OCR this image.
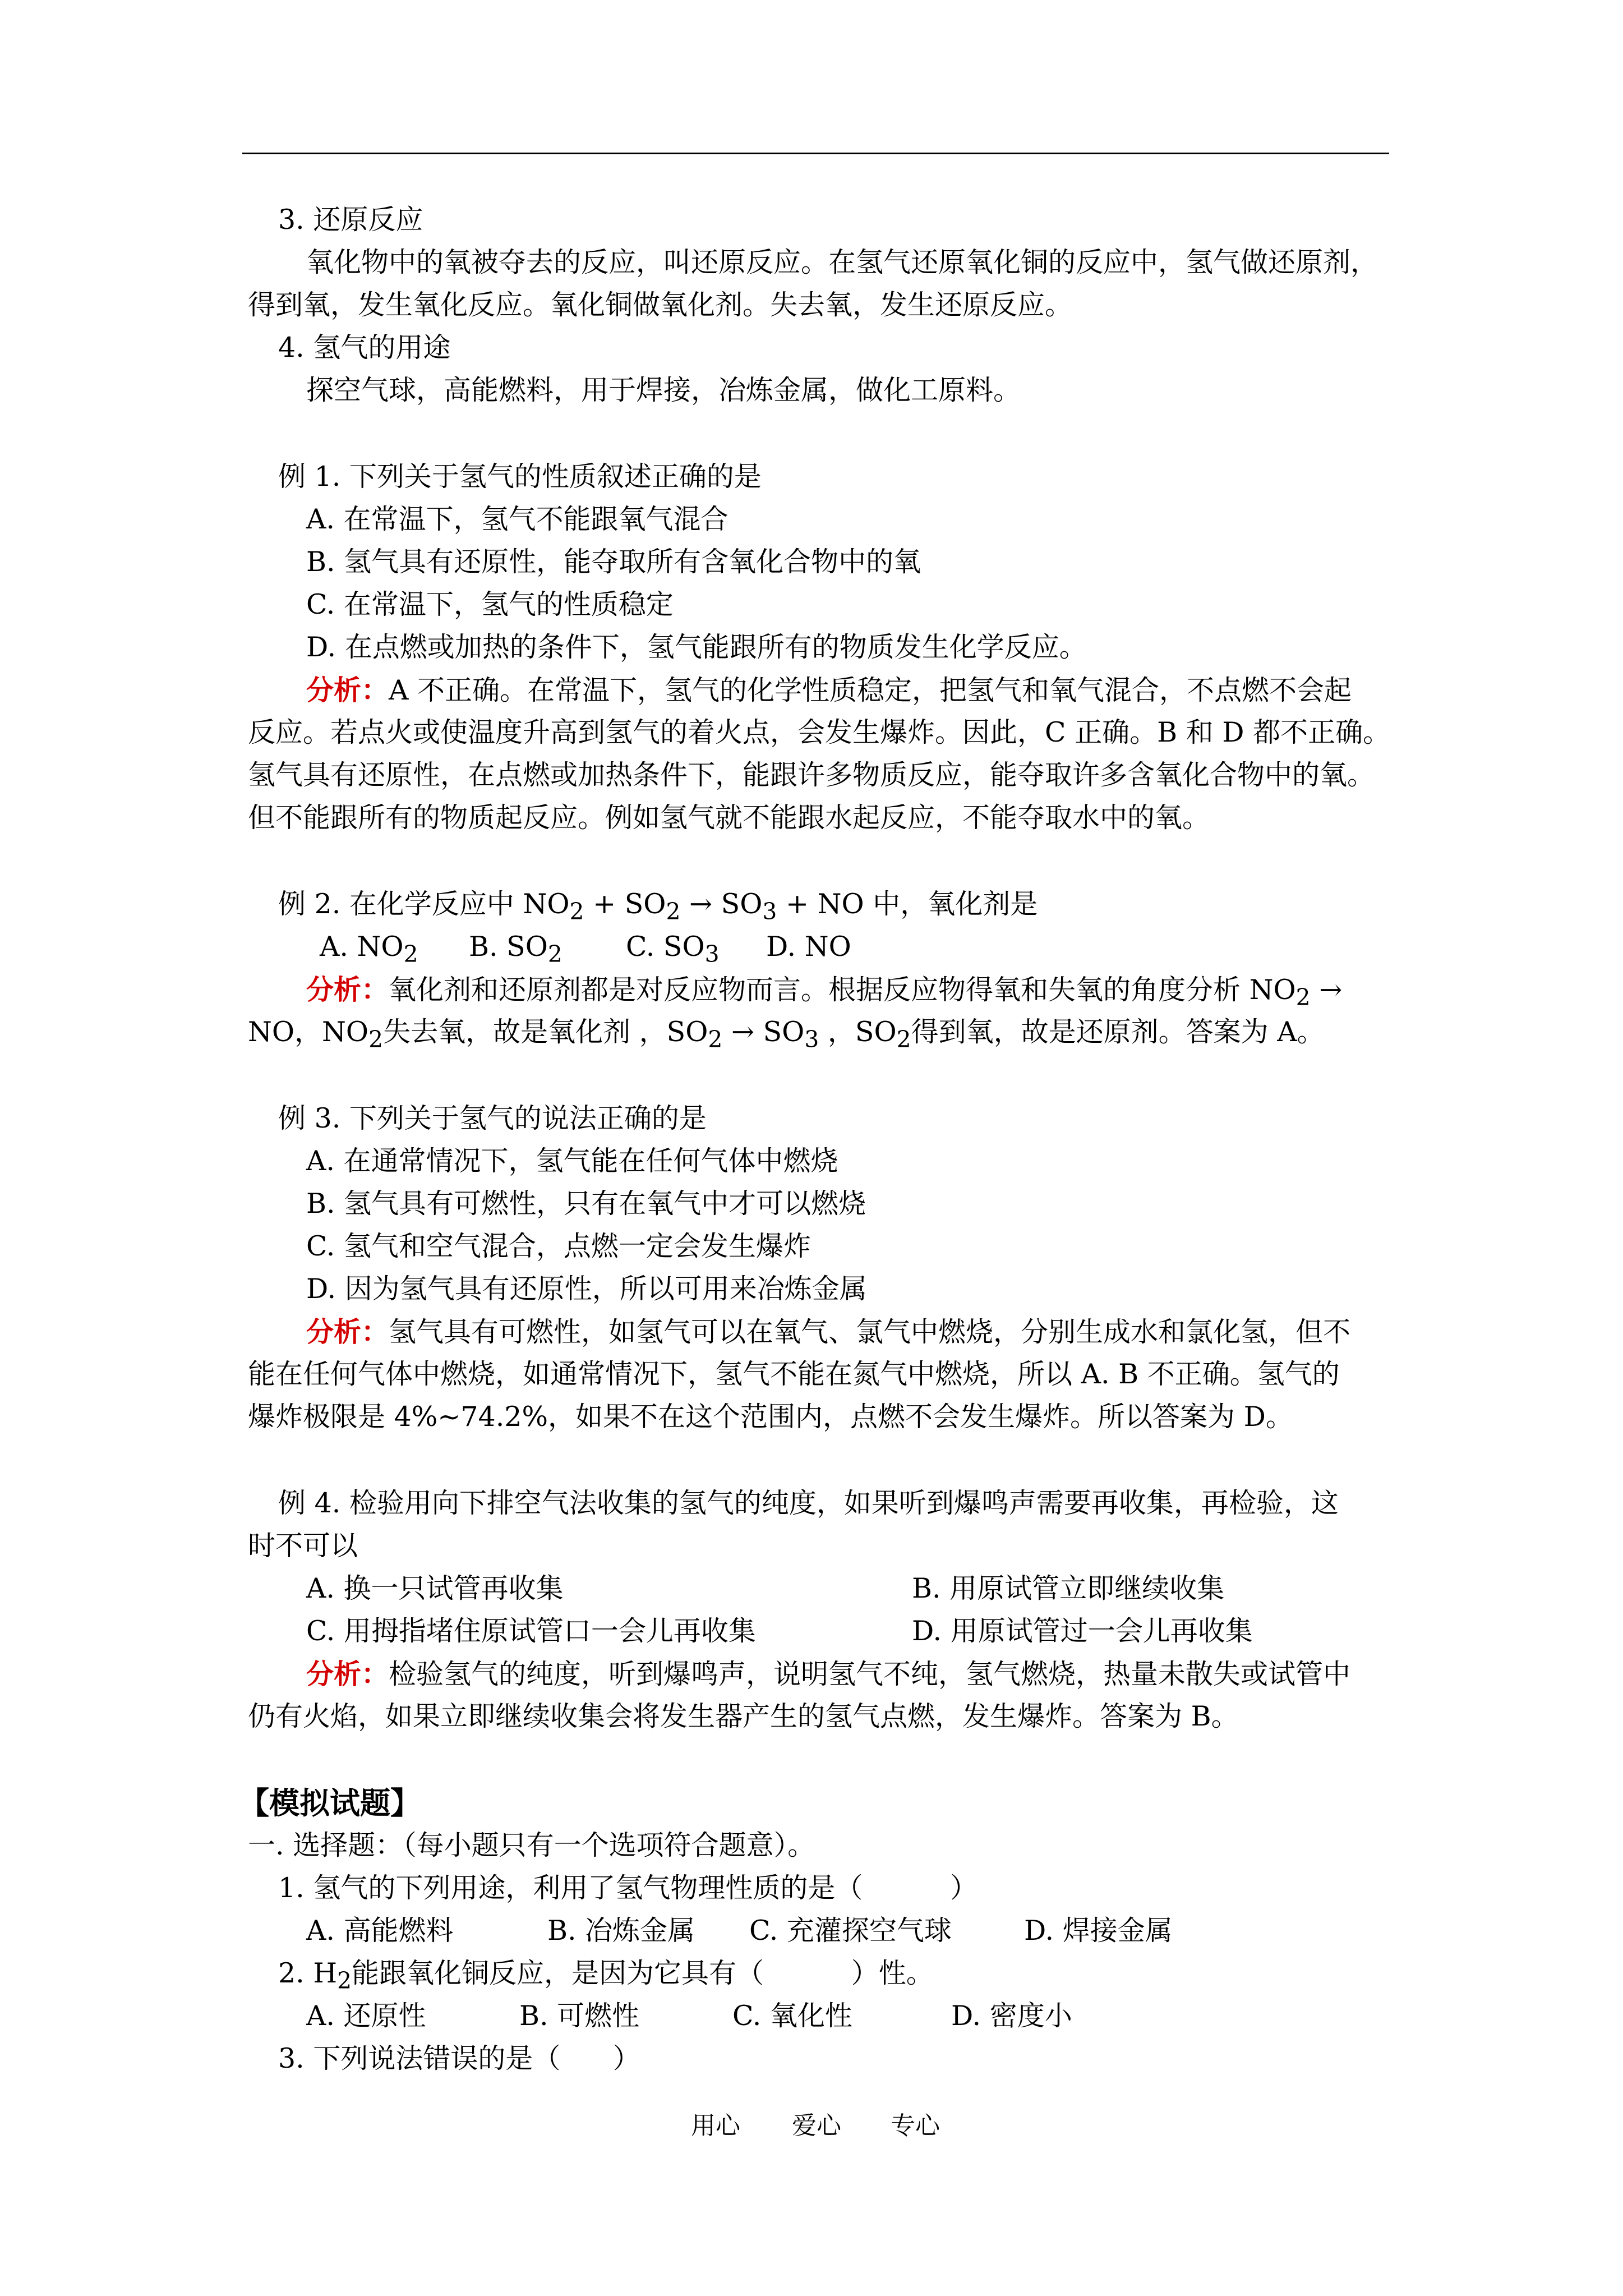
3. 还原反应
氧化物中的氧被夺去的反应，叫还原反应。在氢气还原氧化铜的反应中，氢气做还原剂，
得到氧，发生氧化反应。氧化铜做氧化剂。失去氧，发生还原反应。
4. 氢气的用途
探空气球，高能燃料，用于焊接，冶炼金属，做化工原料。
例 1. 下列关于氢气的性质叙述正确的是
A. 在常温下，氢气不能跟氧气混合
B. 氢气具有还原性，能夺取所有含氧化合物中的氧
C. 在常温下，氢气的性质稳定
D. 在点燃或加热的条件下，氢气能跟所有的物质发生化学反应。
分析：A 不正确。在常温下，氢气的化学性质稳定，把氢气和氧气混合，不点燃不会起
反应。若点火或使温度升高到氢气的着火点，会发生爆炸。因此，C 正确。B 和 D 都不正确。
氢气具有还原性，在点燃或加热条件下，能跟许多物质反应，能夺取许多含氧化合物中的氧。
但不能跟所有的物质起反应。例如氢气就不能跟水起反应，不能夺取水中的氧。
例 2. 在化学反应中 $NO_2 + SO_2 \to SO_3$ + NO 中，氧化剂是
A. $NO_2$ B. $SO_2$ C. $SO_3$ D. NO
分析：氧化剂和还原剂都是对反应物而言。根据反应物得氧和失氧的角度分析 $NO_2$ →
NO，$NO_2$失去氧，故是氧化剂 ，$SO_2 \to SO_3$ ，$SO_2$得到氧，故是还原剂。答案为 A。
例 3. 下列关于氢气的说法正确的是
A. 在通常情况下，氢气能在任何气体中燃烧
B. 氢气具有可燃性，只有在氧气中才可以燃烧
C. 氢气和空气混合，点燃一定会发生爆炸
D. 因为氢气具有还原性，所以可用来冶炼金属
分析：氢气具有可燃性，如氢气可以在氧气、氯气中燃烧，分别生成水和氯化氢，但不
能在任何气体中燃烧，如通常情况下，氢气不能在氮气中燃烧，所以 A. B 不正确。氢气的
爆炸极限是 4%~74.2%，如果不在这个范围内，点燃不会发生爆炸。所以答案为 D。
例 4. 检验用向下排空气法收集的氢气的纯度，如果听到爆鸣声需要再收集，再检验，这
时不可以
A. 换一只试管再收集	B. 用原试管立即继续收集
C. 用拇指堵住原试管口一会儿再收集	D. 用原试管过一会儿再收集
分析：检验氢气的纯度，听到爆鸣声，说明氢气不纯，氢气燃烧，热量未散失或试管中
仍有火焰，如果立即继续收集会将发生器产生的氢气点燃，发生爆炸。答案为 B。
【模拟试题】
一. 选择题：（每小题只有一个选项符合题意）。
1. 氢气的下列用途，利用了氢气物理性质的是（          ）
A. 高能燃料	B. 冶炼金属 C. 充灌探空气球	D. 焊接金属
2. $H_2$能跟氧化铜反应，是因为它具有（          ）性。
A. 还原性	B. 可燃性	C. 氧化性	D. 密度小
3. 下列说法错误的是（      ）
用心 爱心 专心
